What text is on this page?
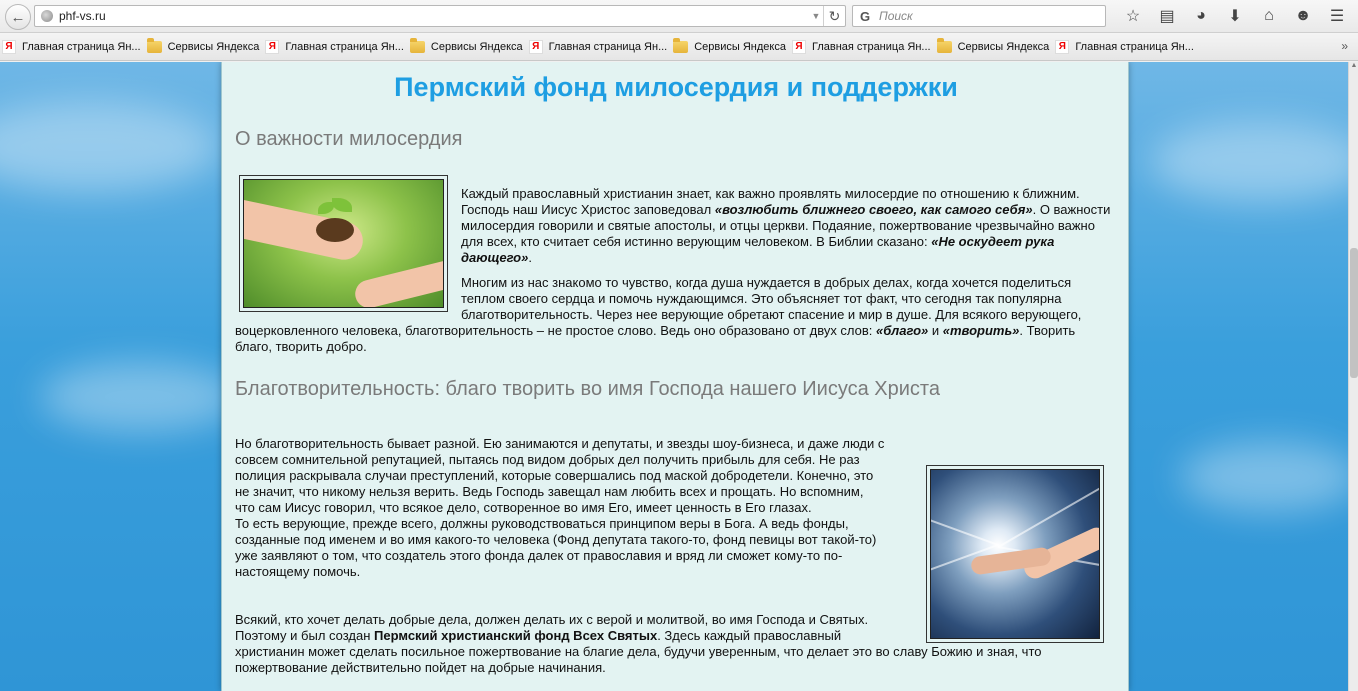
←	phf-vs.ru	▼ ↻	G Поиск	☆	▤	◕	⬇	⌂	☻	☰
Я Главная страница Ян... Сервисы Яндекса Я Главная страница Ян... Сервисы Яндекса Я Главная страница Ян... Сервисы Яндекса Я Главная страница Ян... Сервисы Яндекса Я Главная страница Ян...	»
Пермский фонд милосердия и поддержки
О важности милосердия

Каждый православный христианин знает, как важно проявлять милосердие по отношению к ближним. Господь наш Иисус Христос заповедовал «возлюбить ближнего своего, как самого себя». О важности милосердия говорили и святые апостолы, и отцы церкви. Подаяние, пожертвование чрезвычайно важно для всех, кто считает себя истинно верующим человеком. В Библии сказано: «Не оскудеет рука дающего».

Многим из нас знакомо то чувство, когда душа нуждается в добрых делах, когда хочется поделиться теплом своего сердца и помочь нуждающимся. Это объясняет тот факт, что сегодня так популярна благотворительность. Через нее верующие обретают спасение и мир в душе. Для всякого верующего, воцерковленного человека, благотворительность – не простое слово. Ведь оно образовано от двух слов: «благо» и «творить». Творить благо, творить добро.

Благотворительность: благо творить во имя Господа нашего Иисуса Христа

Но благотворительность бывает разной. Ею занимаются и депутаты, и звезды шоу-бизнеса, и даже люди с совсем сомнительной репутацией, пытаясь под видом добрых дел получить прибыль для себя. Не раз полиция раскрывала случаи преступлений, которые совершались под маской добродетели. Конечно, это не значит, что никому нельзя верить. Ведь Господь завещал нам любить всех и прощать. Но вспомним, что сам Иисус говорил, что всякое дело, сотворенное во имя Его, имеет ценность в Его глазах.

То есть верующие, прежде всего, должны руководствоваться принципом веры в Бога. А ведь фонды, созданные под именем и во имя какого-то человека (Фонд депутата такого-то, фонд певицы вот такой-то) уже заявляют о том, что создатель этого фонда далек от православия и вряд ли сможет кому-то по-настоящему помочь.

Всякий, кто хочет делать добрые дела, должен делать их с верой и молитвой, во имя Господа и Святых. Поэтому и был создан Пермский христианский фонд Всех Святых. Здесь каждый православный христианин может сделать посильное пожертвование на благие дела, будучи уверенным, что делает это во славу Божию и зная, что пожертвование действительно пойдет на добрые начинания.

▲
